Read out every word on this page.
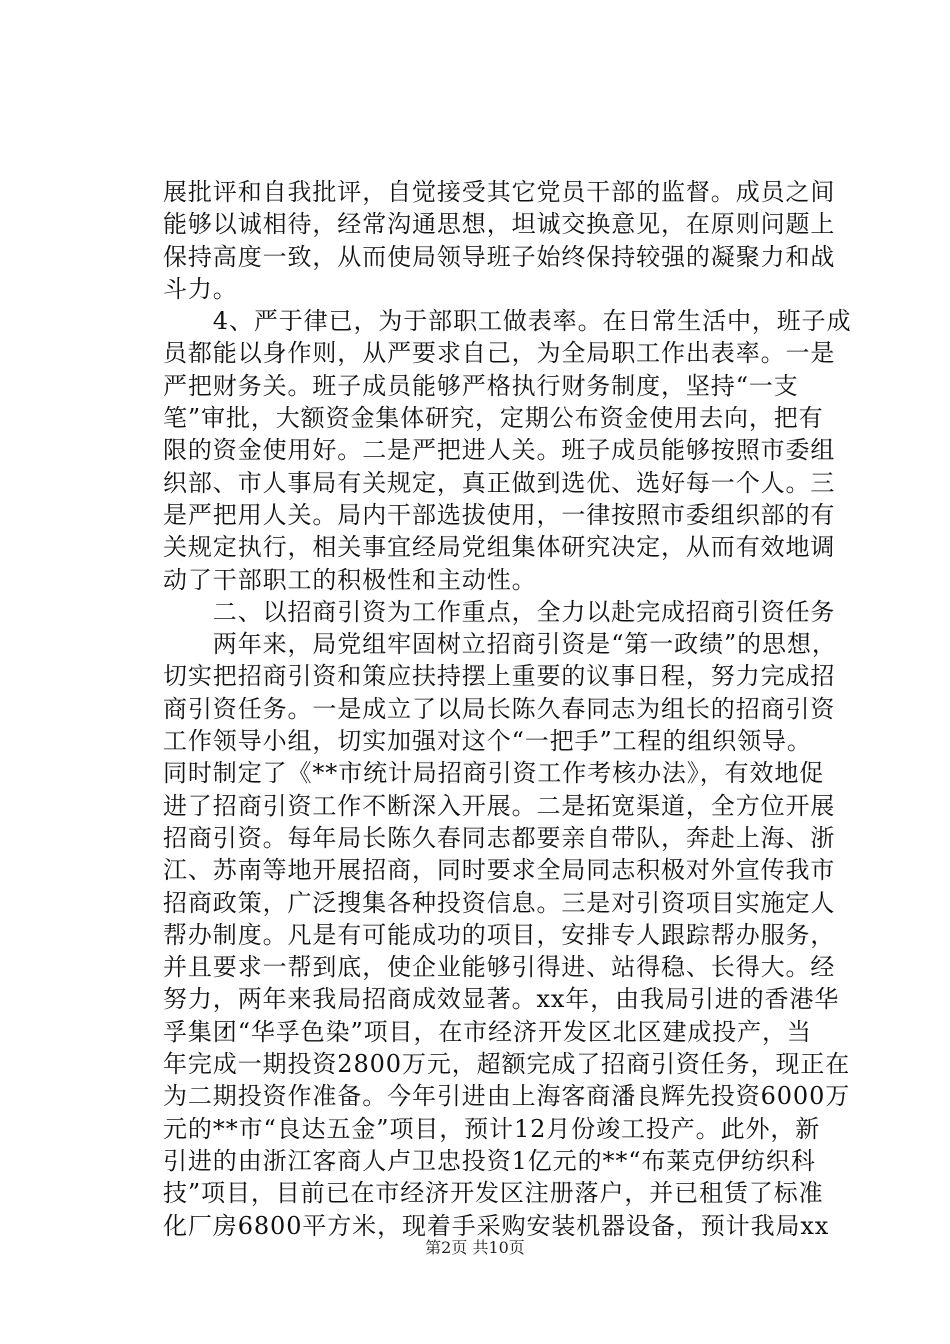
展批评和自我批评，自觉接受其它党员干部的监督。成员之间
能够以诚相待，经常沟通思想，坦诚交换意见，在原则问题上
保持高度一致，从而使局领导班子始终保持较强的凝聚力和战
斗力。
　　4、严于律已，为于部职工做表率。在日常生活中，班子成
员都能以身作则，从严要求自己，为全局职工作出表率。一是
严把财务关。班子成员能够严格执行财务制度，坚持“一支
笔”审批，大额资金集体研究，定期公布资金使用去向，把有
限的资金使用好。二是严把进人关。班子成员能够按照市委组
织部、市人事局有关规定，真正做到选优、选好每一个人。三
是严把用人关。局内干部选拔使用，一律按照市委组织部的有
关规定执行，相关事宜经局党组集体研究决定，从而有效地调
动了干部职工的积极性和主动性。
　　二、以招商引资为工作重点，全力以赴完成招商引资任务
　　两年来，局党组牢固树立招商引资是“第一政绩”的思想，
切实把招商引资和策应扶持摆上重要的议事日程，努力完成招
商引资任务。一是成立了以局长陈久春同志为组长的招商引资
工作领导小组，切实加强对这个“一把手”工程的组织领导。
同时制定了《**市统计局招商引资工作考核办法》，有效地促
进了招商引资工作不断深入开展。二是拓宽渠道，全方位开展
招商引资。每年局长陈久春同志都要亲自带队，奔赴上海、浙
江、苏南等地开展招商，同时要求全局同志积极对外宣传我市
招商政策，广泛搜集各种投资信息。三是对引资项目实施定人
帮办制度。凡是有可能成功的项目，安排专人跟踪帮办服务，
并且要求一帮到底，使企业能够引得进、站得稳、长得大。经
努力，两年来我局招商成效显著。xx年，由我局引进的香港华
孚集团“华孚色染”项目，在市经济开发区北区建成投产，当
年完成一期投资2800万元，超额完成了招商引资任务，现正在
为二期投资作准备。今年引进由上海客商潘良辉先投资6000万
元的**市“良达五金”项目，预计12月份竣工投产。此外，新
引进的由浙江客商人卢卫忠投资1亿元的**“布莱克伊纺织科
技”项目，目前已在市经济开发区注册落户，并已租赁了标准
化厂房6800平方米，现着手采购安装机器设备，预计我局xx
第2页 共10页
